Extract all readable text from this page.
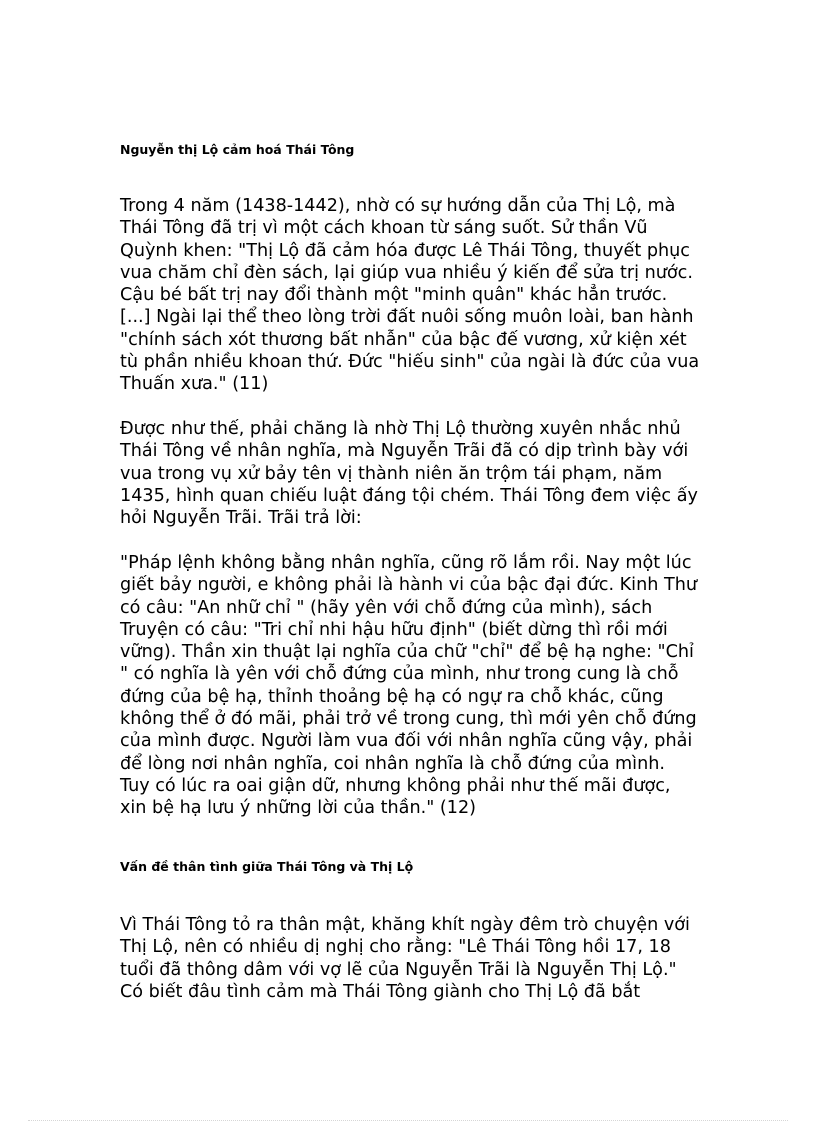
Nguyễn thị Lộ cảm hoá Thái Tông

Trong 4 năm (1438-1442), nhờ có sự hướng dẫn của Thị Lộ, mà
Thái Tông đã trị vì một cách khoan từ sáng suốt. Sử thần Vũ
Quỳnh khen: "Thị Lộ đã cảm hóa được Lê Thái Tông, thuyết phục
vua chăm chỉ đèn sách, lại giúp vua nhiều ý kiến để sửa trị nước.
Cậu bé bất trị nay đổi thành một "minh quân" khác hẳn trước.
[...] Ngài lại thể theo lòng trời đất nuôi sống muôn loài, ban hành
"chính sách xót thương bất nhẫn" của bậc đế vương, xử kiện xét
tù phần nhiều khoan thứ. Đức "hiếu sinh" của ngài là đức của vua
Thuấn xưa." (11)

Được như thế, phải chăng là nhờ Thị Lộ thường xuyên nhắc nhủ
Thái Tông về nhân nghĩa, mà Nguyễn Trãi đã có dịp trình bày với
vua trong vụ xử bảy tên vị thành niên ăn trộm tái phạm, năm
1435, hình quan chiếu luật đáng tội chém. Thái Tông đem việc ấy
hỏi Nguyễn Trãi. Trãi trả lời:

"Pháp lệnh không bằng nhân nghĩa, cũng rõ lắm rồi. Nay một lúc
giết bảy người, e không phải là hành vi của bậc đại đức. Kinh Thư
có câu: "An nhữ chỉ " (hãy yên với chỗ đứng của mình), sách
Truyện có câu: "Tri chỉ nhi hậu hữu định" (biết dừng thì rồi mới
vững). Thần xin thuật lại nghĩa của chữ "chỉ" để bệ hạ nghe: "Chỉ
" có nghĩa là yên với chỗ đứng của mình, như trong cung là chỗ
đứng của bệ hạ, thỉnh thoảng bệ hạ có ngự ra chỗ khác, cũng
không thể ở đó mãi, phải trở về trong cung, thì mới yên chỗ đứng
của mình được. Người làm vua đối với nhân nghĩa cũng vậy, phải
để lòng nơi nhân nghĩa, coi nhân nghĩa là chỗ đứng của mình.
Tuy có lúc ra oai giận dữ, nhưng không phải như thế mãi được,
xin bệ hạ lưu ý những lời của thần." (12)

Vấn đề thân tình giữa Thái Tông và Thị Lộ

Vì Thái Tông tỏ ra thân mật, khăng khít ngày đêm trò chuyện với
Thị Lộ, nên có nhiều dị nghị cho rằng: "Lê Thái Tông hồi 17, 18
tuổi đã thông dâm với vợ lẽ của Nguyễn Trãi là Nguyễn Thị Lộ."
Có biết đâu tình cảm mà Thái Tông giành cho Thị Lộ đã bắt
